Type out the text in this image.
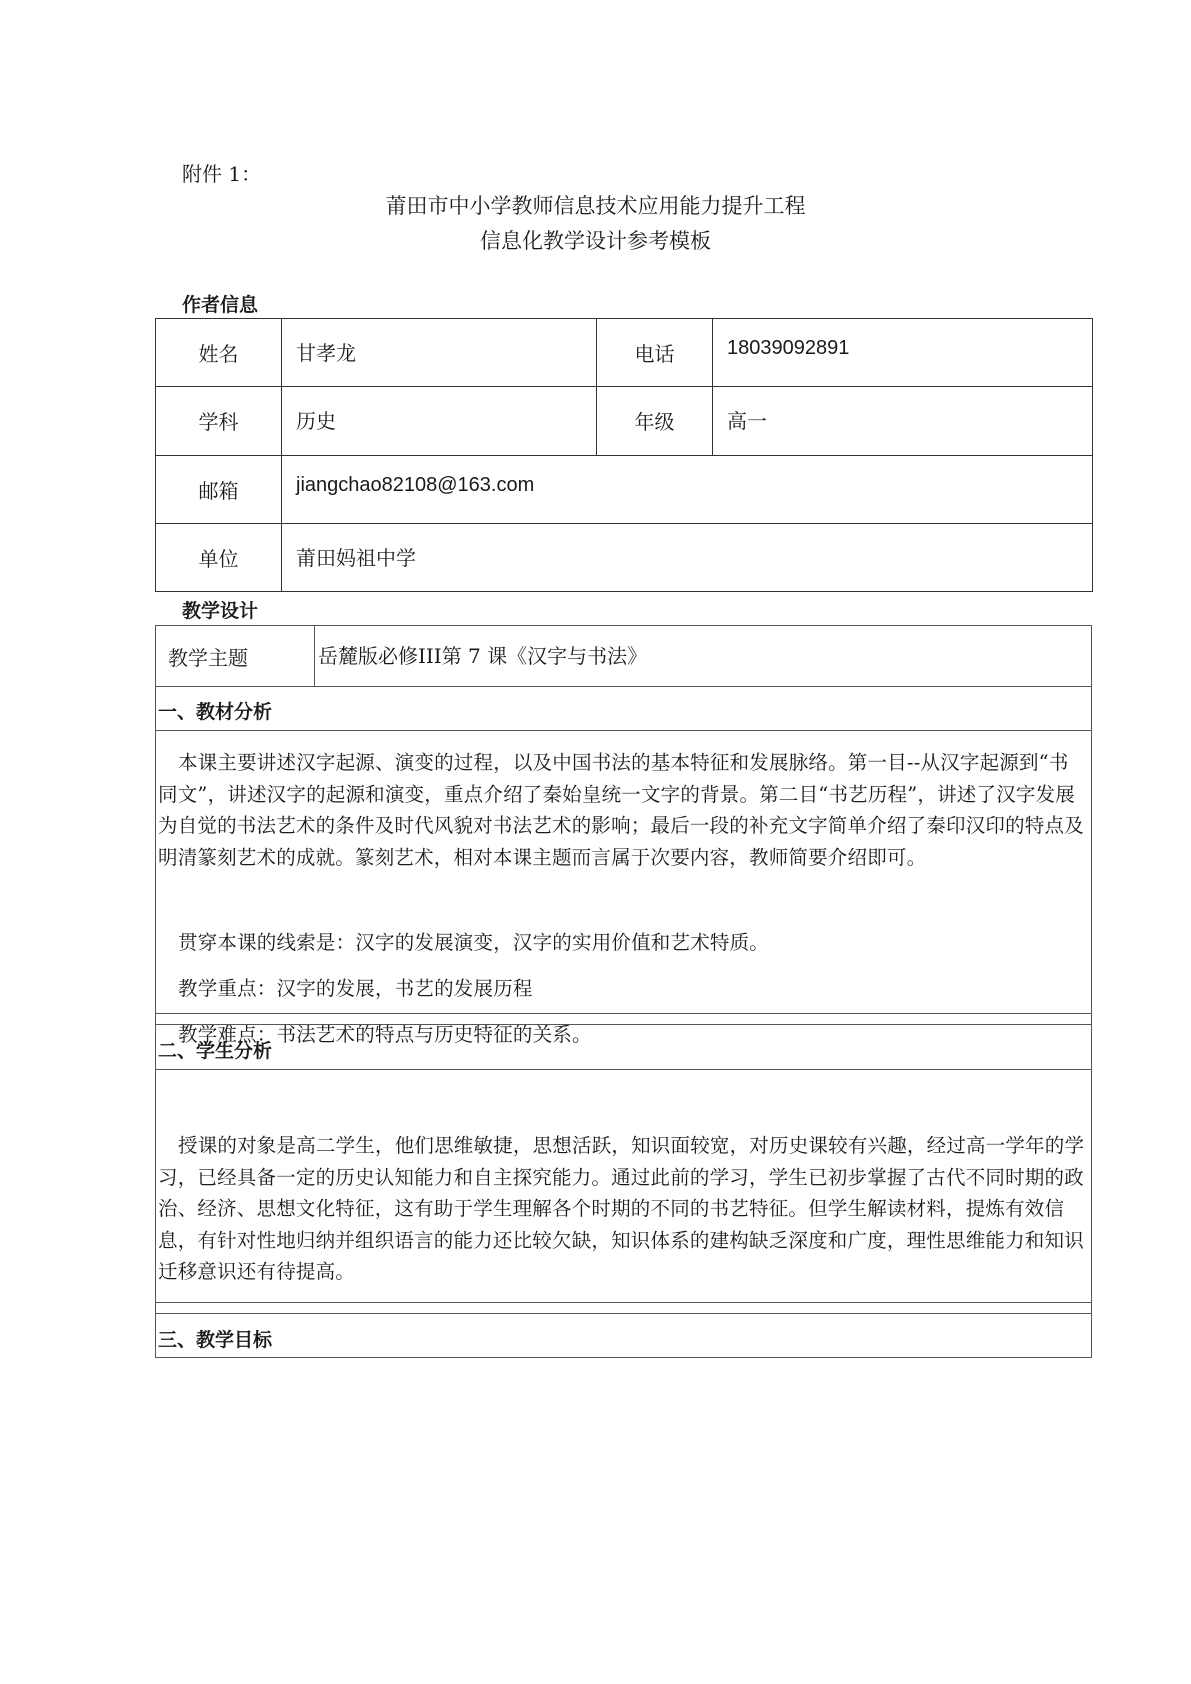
附件 1：
莆田市中小学教师信息技术应用能力提升工程
信息化教学设计参考模板
作者信息
姓名	甘孝龙	电话	18039092891
学科	历史	年级	高一
邮箱	jiangchao82108@163.com		
单位	莆田妈祖中学		
教学设计
教学主题	岳麓版必修III第 7 课《汉字与书法》
一、教材分析

本课主要讲述汉字起源、演变的过程，以及中国书法的基本特征和发展脉络。第一目--从汉字起源到“书同文”，讲述汉字的起源和演变，重点介绍了秦始皇统一文字的背景。第二目“书艺历程”，讲述了汉字发展为自觉的书法艺术的条件及时代风貌对书法艺术的影响；最后一段的补充文字简单介绍了秦印汉印的特点及明清篆刻艺术的成就。篆刻艺术，相对本课主题而言属于次要内容，教师简要介绍即可。

贯穿本课的线索是：汉字的发展演变，汉字的实用价值和艺术特质。

教学重点：汉字的发展，书艺的发展历程

教学难点：书法艺术的特点与历史特征的关系。

二、学生分析

授课的对象是高二学生，他们思维敏捷，思想活跃，知识面较宽，对历史课较有兴趣，经过高一学年的学习，已经具备一定的历史认知能力和自主探究能力。通过此前的学习，学生已初步掌握了古代不同时期的政治、经济、思想文化特征，这有助于学生理解各个时期的不同的书艺特征。但学生解读材料，提炼有效信息，有针对性地归纳并组织语言的能力还比较欠缺，知识体系的建构缺乏深度和广度，理性思维能力和知识迁移意识还有待提高。

三、教学目标
